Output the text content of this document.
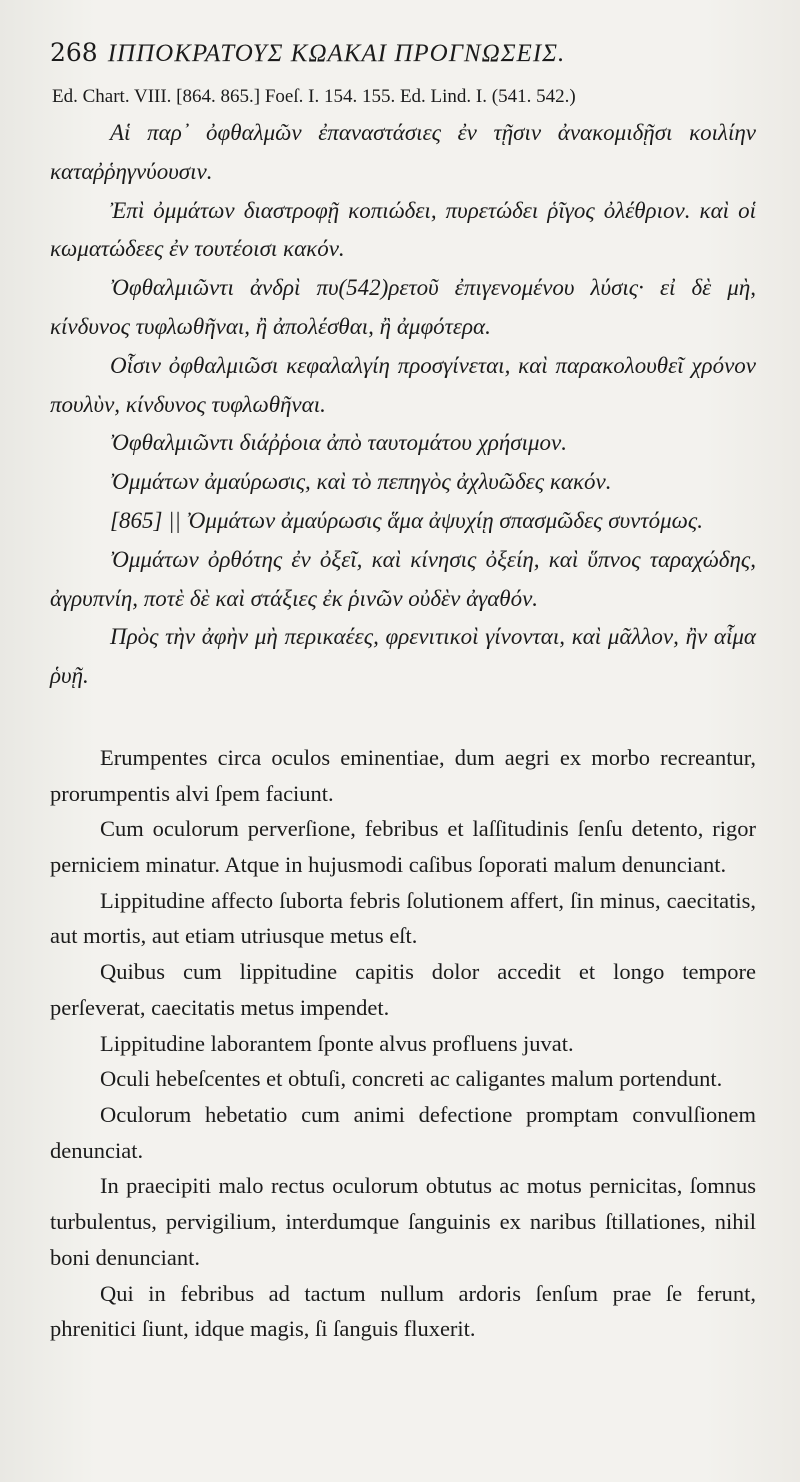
268 ΙΠΠΟΚΡΑΤΟΥΣ ΚΩΑΚΑΙ ΠΡΟΓΝΩΣΕΙΣ.
Ed. Chart. VIII. [864. 865.] Foeſ. I. 154. 155. Ed. Lind. I. (541. 542.)

Αἱ παρ᾽ ὀφθαλμῶν ἐπαναστάσιες ἐν τῇσιν ἀνακομιδῇσι κοιλίην καταῤῥηγνύουσιν.

Ἐπὶ ὀμμάτων διαστροφῇ κοπιώδει, πυρετώδει ῥῖγος ὀλέθριον. καὶ οἱ κωματώδεες ἐν τουτέοισι κακόν.

Ὀφθαλμιῶντι ἀνδρὶ πυ(542)ρετοῦ ἐπιγενομένου λύσις· εἰ δὲ μὴ, κίνδυνος τυφλωθῆναι, ἢ ἀπολέσθαι, ἢ ἀμφότερα.

Οἷσιν ὀφθαλμιῶσι κεφαλαλγίη προσγίνεται, καὶ παρακολουθεῖ χρόνον πουλὺν, κίνδυνος τυφλωθῆναι.

Ὀφθαλμιῶντι διάῤῥοια ἀπὸ ταυτομάτου χρήσιμον.

Ὀμμάτων ἀμαύρωσις, καὶ τὸ πεπηγὸς ἀχλυῶδες κακόν.

[865] || Ὀμμάτων ἀμαύρωσις ἅμα ἀψυχίῃ σπασμῶδες συντόμως.

Ὀμμάτων ὀρθότης ἐν ὀξεῖ, καὶ κίνησις ὀξείη, καὶ ὕπνος ταραχώδης, ἀγρυπνίη, ποτὲ δὲ καὶ στάξιες ἐκ ῥινῶν οὐδὲν ἀγαθόν.

Πρὸς τὴν ἀφὴν μὴ περικαέες, φρενιτικοὶ γίνονται, καὶ μᾶλλον, ἢν αἷμα ῥυῇ.

Erumpentes circa oculos eminentiae, dum aegri ex morbo recreantur, prorumpentis alvi ſpem faciunt.

Cum oculorum perverſione, febribus et laſſitudinis ſenſu detento, rigor perniciem minatur. Atque in hujusmodi caſibus ſoporati malum denunciant.

Lippitudine affecto ſuborta febris ſolutionem affert, ſin minus, caecitatis, aut mortis, aut etiam utriusque metus eſt.

Quibus cum lippitudine capitis dolor accedit et longo tempore perſeverat, caecitatis metus impendet.

Lippitudine laborantem ſponte alvus profluens juvat.

Oculi hebeſcentes et obtuſi, concreti ac caligantes malum portendunt.

Oculorum hebetatio cum animi defectione promptam convulſionem denunciat.

In praecipiti malo rectus oculorum obtutus ac motus pernicitas, ſomnus turbulentus, pervigilium, interdumque ſanguinis ex naribus ſtillationes, nihil boni denunciant.

Qui in febribus ad tactum nullum ardoris ſenſum prae ſe ferunt, phrenitici ſiunt, idque magis, ſi ſanguis fluxerit.
